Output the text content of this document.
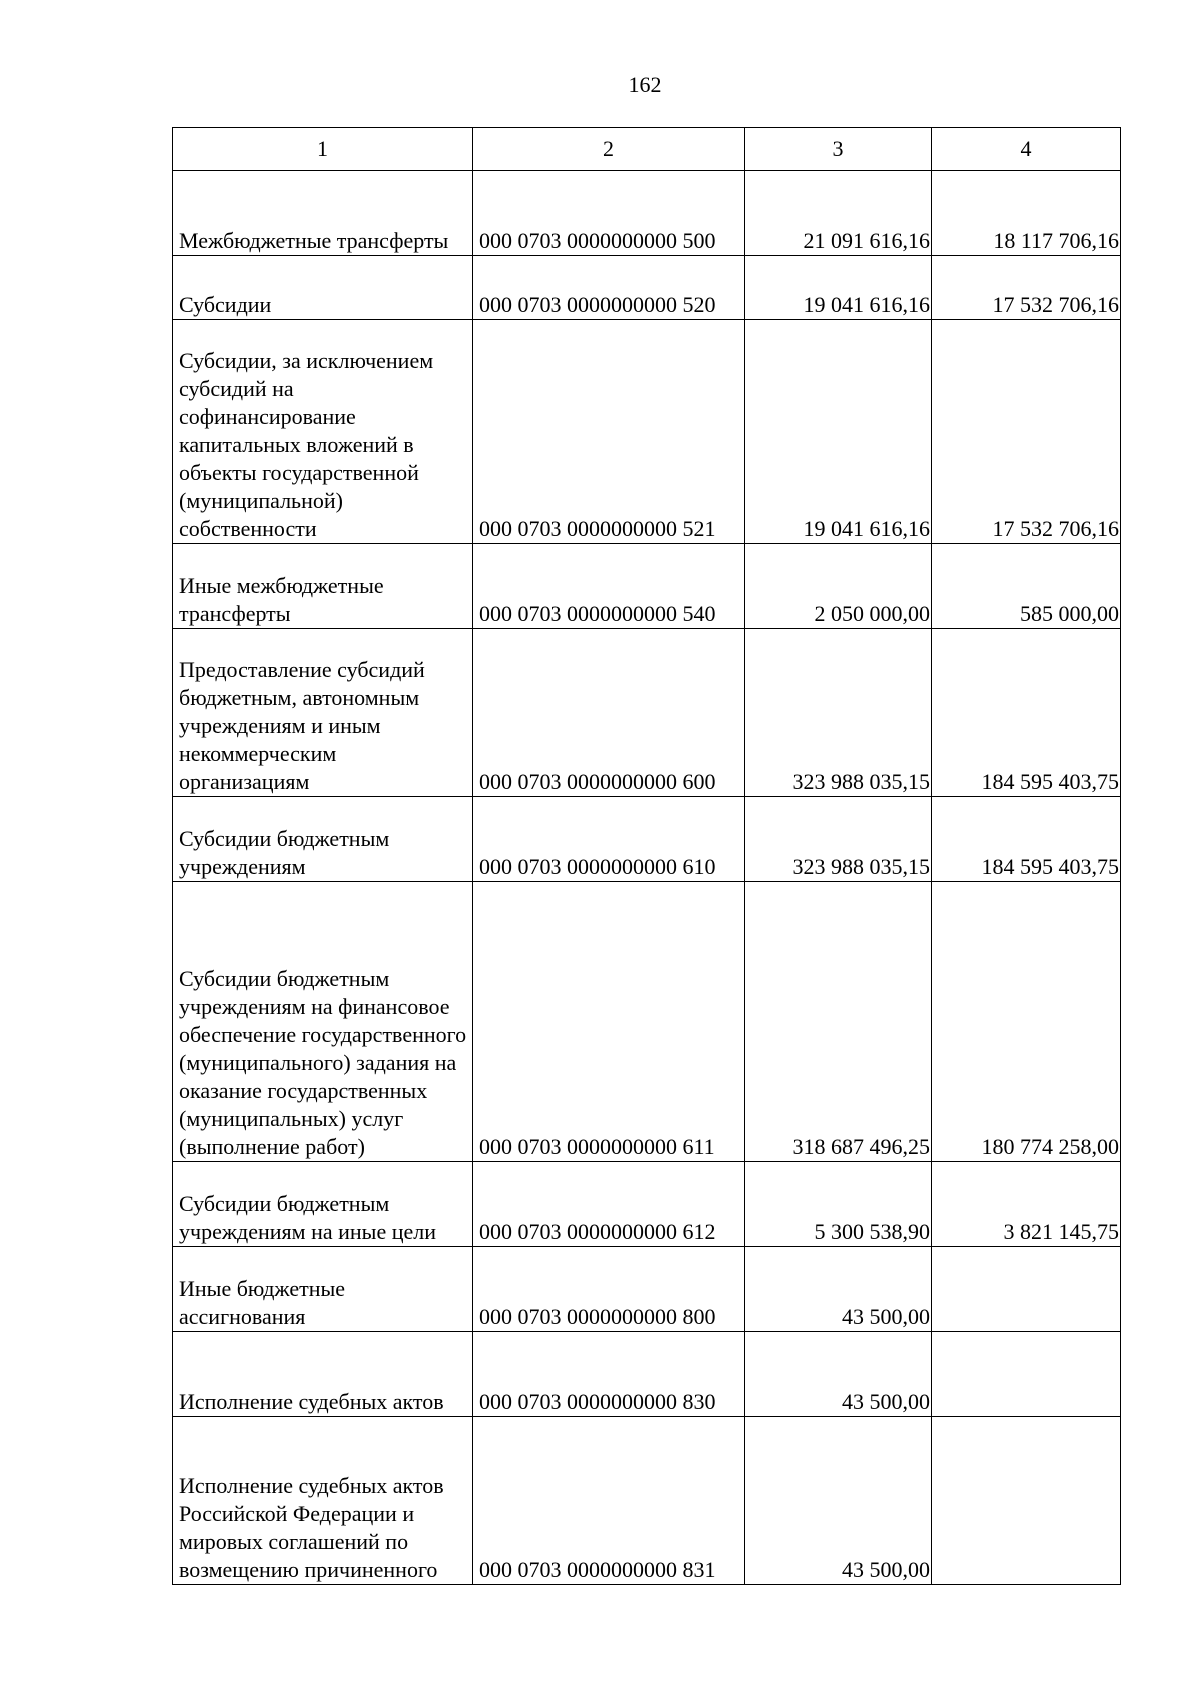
162
1	2	3	4
Межбюджетные трансферты	000 0703 0000000000 500	21 091 616,16	18 117 706,16
Субсидии	000 0703 0000000000 520	19 041 616,16	17 532 706,16
Субсидии, за исключением субсидий на софинансирование капитальных вложений в объекты государственной (муниципальной) собственности	000 0703 0000000000 521	19 041 616,16	17 532 706,16
Иные межбюджетные трансферты	000 0703 0000000000 540	2 050 000,00	585 000,00
Предоставление субсидий бюджетным, автономным учреждениям и иным некоммерческим организациям	000 0703 0000000000 600	323 988 035,15	184 595 403,75
Субсидии бюджетным учреждениям	000 0703 0000000000 610	323 988 035,15	184 595 403,75
Субсидии бюджетным учреждениям на финансовое обеспечение государственного (муниципального) задания на оказание государственных (муниципальных) услуг (выполнение работ)	000 0703 0000000000 611	318 687 496,25	180 774 258,00
Субсидии бюджетным учреждениям на иные цели	000 0703 0000000000 612	5 300 538,90	3 821 145,75
Иные бюджетные ассигнования	000 0703 0000000000 800	43 500,00	
Исполнение судебных актов	000 0703 0000000000 830	43 500,00	
Исполнение судебных актов Российской Федерации и мировых соглашений по возмещению причиненного	000 0703 0000000000 831	43 500,00	
